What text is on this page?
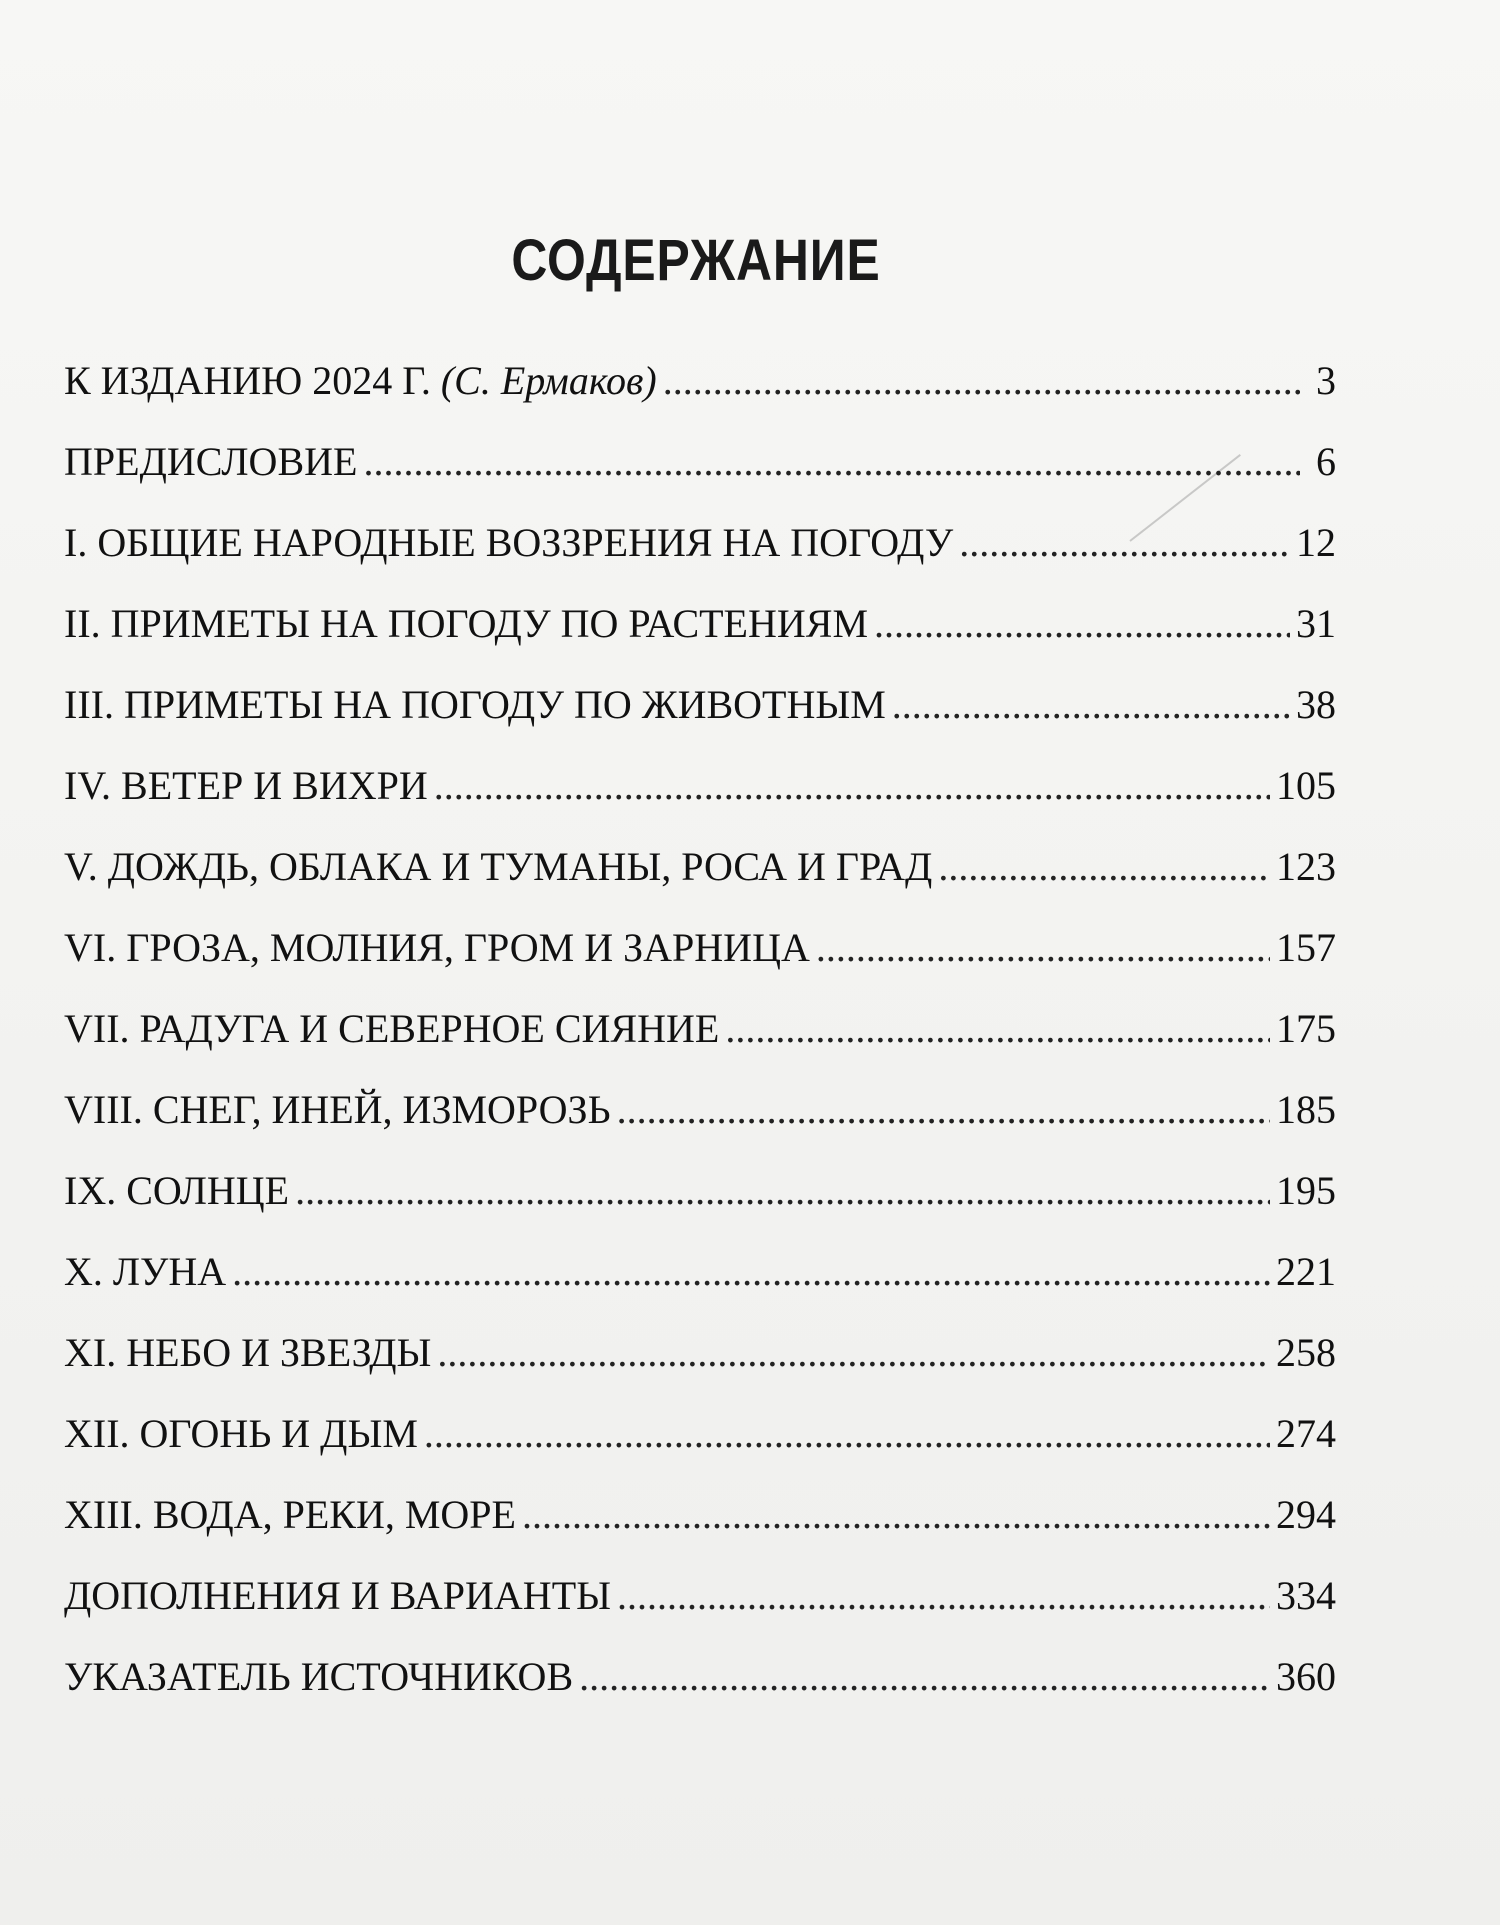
СОДЕРЖАНИЕ
К ИЗДАНИЮ 2024 Г. (С. Ермаков) . . .	3
ПРЕДИСЛОВИЕ . . .	6
I. ОБЩИЕ НАРОДНЫЕ ВОЗЗРЕНИЯ НА ПОГОДУ . . .	12
II. ПРИМЕТЫ НА ПОГОДУ ПО РАСТЕНИЯМ . . .	31
III. ПРИМЕТЫ НА ПОГОДУ ПО ЖИВОТНЫМ . . .	38
IV. ВЕТЕР И ВИХРИ . . .	105
V. ДОЖДЬ, ОБЛАКА И ТУМАНЫ, РОСА И ГРАД . . .	123
VI. ГРОЗА, МОЛНИЯ, ГРОМ И ЗАРНИЦА . . .	157
VII. РАДУГА И СЕВЕРНОЕ СИЯНИЕ . . .	175
VIII. СНЕГ, ИНЕЙ, ИЗМОРОЗЬ . . .	185
IX. СОЛНЦЕ . . .	195
X. ЛУНА . . .	221
XI. НЕБО И ЗВЕЗДЫ . . .	258
XII. ОГОНЬ И ДЫМ . . .	274
XIII. ВОДА, РЕКИ, МОРЕ . . .	294
ДОПОЛНЕНИЯ И ВАРИАНТЫ . . .	334
УКАЗАТЕЛЬ ИСТОЧНИКОВ . . .	360
